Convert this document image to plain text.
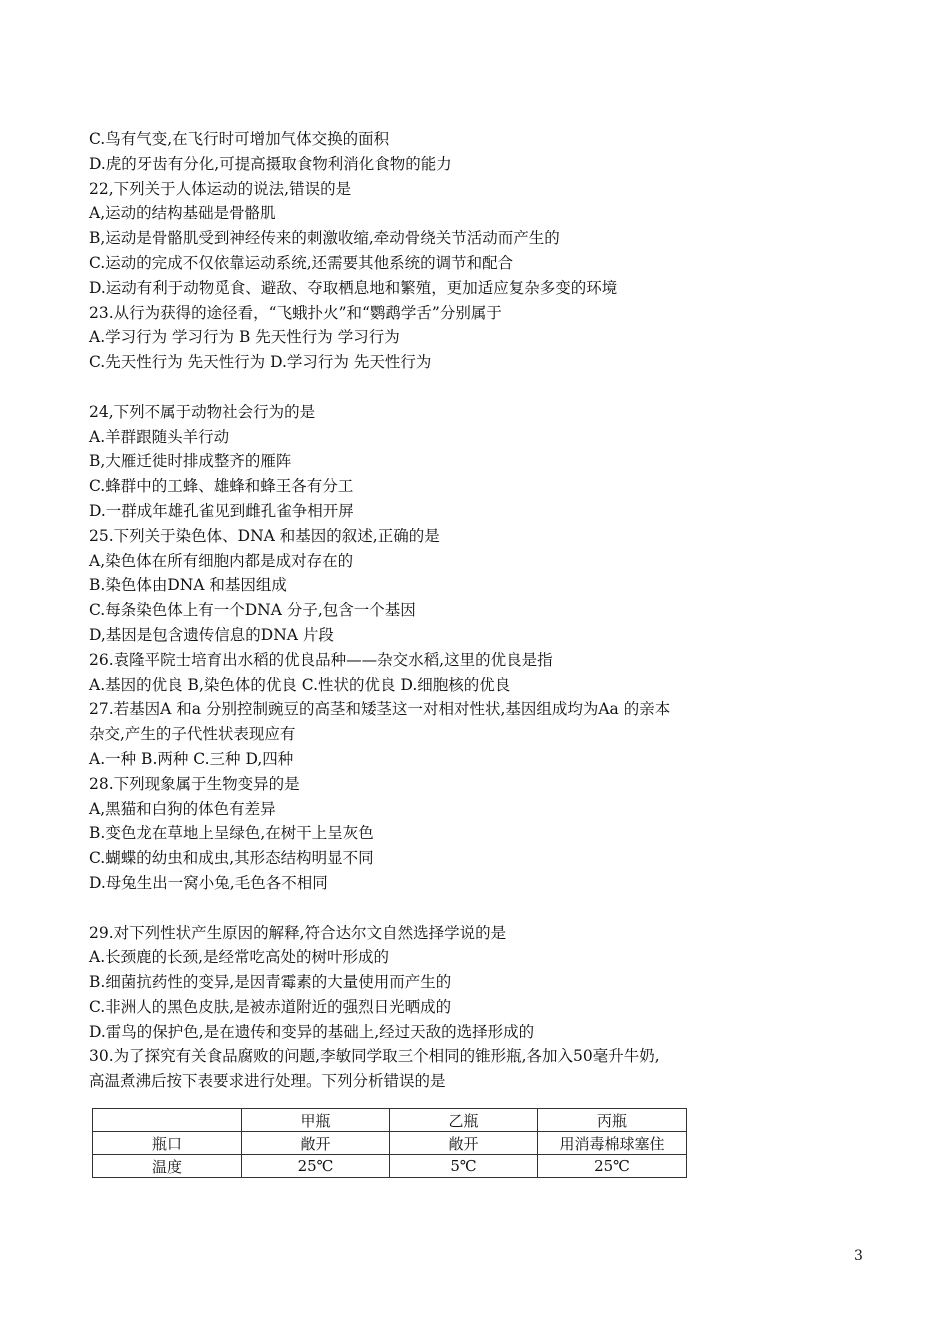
C.鸟有气变,在飞行时可增加气体交换的面积
D.虎的牙齿有分化,可提高摄取食物利消化食物的能力
22,下列关于人体运动的说法,错误的是
A,运动的结构基础是骨骼肌
B,运动是骨骼肌受到神经传来的刺激收缩,牵动骨绕关节活动而产生的
C.运动的完成不仅依靠运动系统,还需要其他系统的调节和配合
D.运动有利于动物觅食、避敌、夺取栖息地和繁殖，更加适应复杂多变的环境
23.从行为获得的途径看，“飞蛾扑火”和“鹦鹉学舌”分别属于
A.学习行为 学习行为 B 先天性行为 学习行为
C.先天性行为 先天性行为 D.学习行为 先天性行为
24,下列不属于动物社会行为的是
A.羊群跟随头羊行动
B,大雁迁徙时排成整齐的雁阵
C.蜂群中的工蜂、雄蜂和蜂王各有分工
D.一群成年雄孔雀见到雌孔雀争相开屏
25.下列关于染色体、DNA 和基因的叙述,正确的是
A,染色体在所有细胞内都是成对存在的
B.染色体由DNA 和基因组成
C.每条染色体上有一个DNA 分子,包含一个基因
D,基因是包含遗传信息的DNA 片段
26.袁隆平院士培育出水稻的优良品种——杂交水稻,这里的优良是指
A.基因的优良 B,染色体的优良 C.性状的优良 D.细胞核的优良
27.若基因A 和a 分别控制豌豆的高茎和矮茎这一对相对性状,基因组成均为Aa 的亲本
杂交,产生的子代性状表现应有
A.一种 B.两种 C.三种 D,四种
28.下列现象属于生物变异的是
A,黑猫和白狗的体色有差异
B.变色龙在草地上呈绿色,在树干上呈灰色
C.蝴蝶的幼虫和成虫,其形态结构明显不同
D.母兔生出一窝小兔,毛色各不相同
29.对下列性状产生原因的解释,符合达尔文自然选择学说的是
A.长颈鹿的长颈,是经常吃高处的树叶形成的
B.细菌抗药性的变异,是因青霉素的大量使用而产生的
C.非洲人的黑色皮肤,是被赤道附近的强烈日光晒成的
D.雷鸟的保护色,是在遗传和变异的基础上,经过天敌的选择形成的
30.为了探究有关食品腐败的问题,李敏同学取三个相同的锥形瓶,各加入50毫升牛奶,
高温煮沸后按下表要求进行处理。下列分析错误的是
	甲瓶	乙瓶	丙瓶
瓶口	敞开	敞开	用消毒棉球塞住
温度	25℃	5℃	25℃
3
